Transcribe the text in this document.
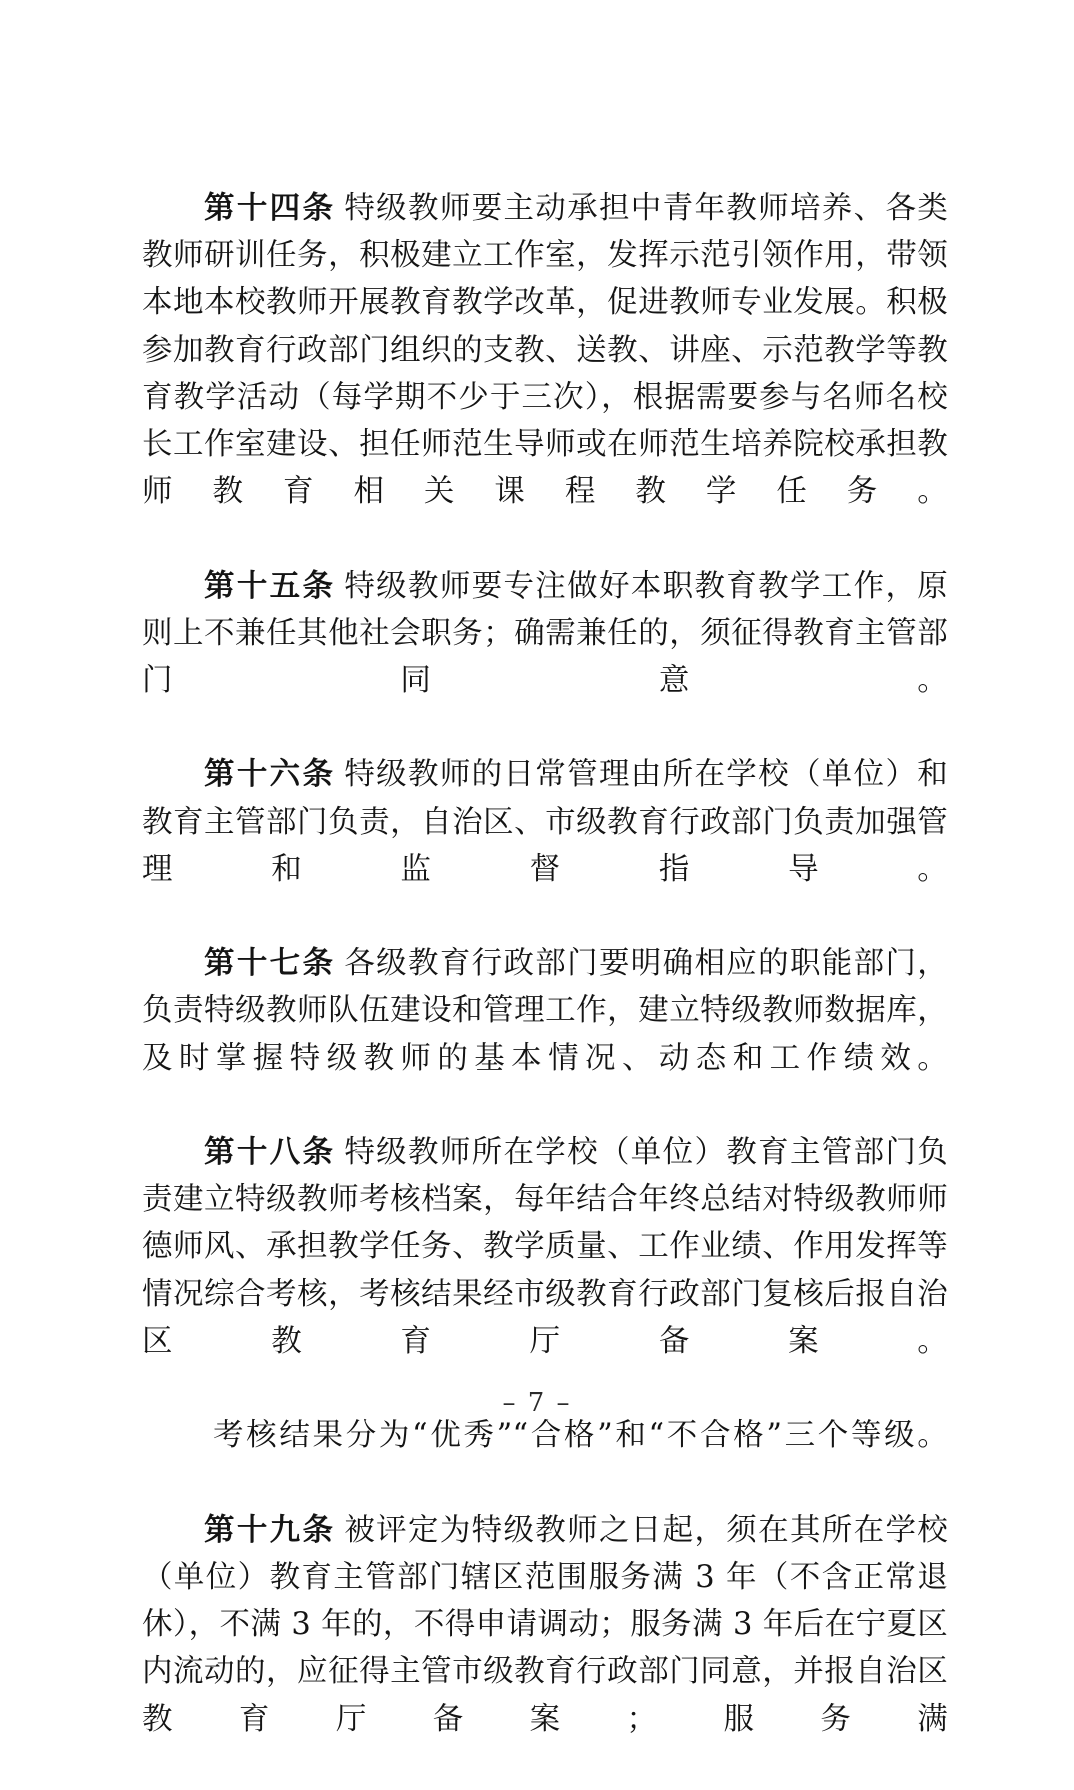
第十四条 特级教师要主动承担中青年教师培养、各类教师研训任务，积极建立工作室，发挥示范引领作用，带领本地本校教师开展教育教学改革，促进教师专业发展。积极参加教育行政部门组织的支教、送教、讲座、示范教学等教育教学活动（每学期不少于三次），根据需要参与名师名校长工作室建设、担任师范生导师或在师范生培养院校承担教师教育相关课程教学任务。

第十五条 特级教师要专注做好本职教育教学工作，原则上不兼任其他社会职务；确需兼任的，须征得教育主管部门同意。

第十六条 特级教师的日常管理由所在学校（单位）和教育主管部门负责，自治区、市级教育行政部门负责加强管理和监督指导。

第十七条 各级教育行政部门要明确相应的职能部门，负责特级教师队伍建设和管理工作，建立特级教师数据库，及时掌握特级教师的基本情况、动态和工作绩效。

第十八条 特级教师所在学校（单位）教育主管部门负责建立特级教师考核档案，每年结合年终总结对特级教师师德师风、承担教学任务、教学质量、工作业绩、作用发挥等情况综合考核，考核结果经市级教育行政部门复核后报自治区教育厅备案。

考核结果分为“优秀”“合格”和“不合格”三个等级。

第十九条 被评定为特级教师之日起，须在其所在学校（单位）教育主管部门辖区范围服务满 3 年（不含正常退休），不满 3 年的，不得申请调动；服务满 3 年后在宁夏区内流动的，应征得主管市级教育行政部门同意，并报自治区教育厅备案；服务满

– 7 –
